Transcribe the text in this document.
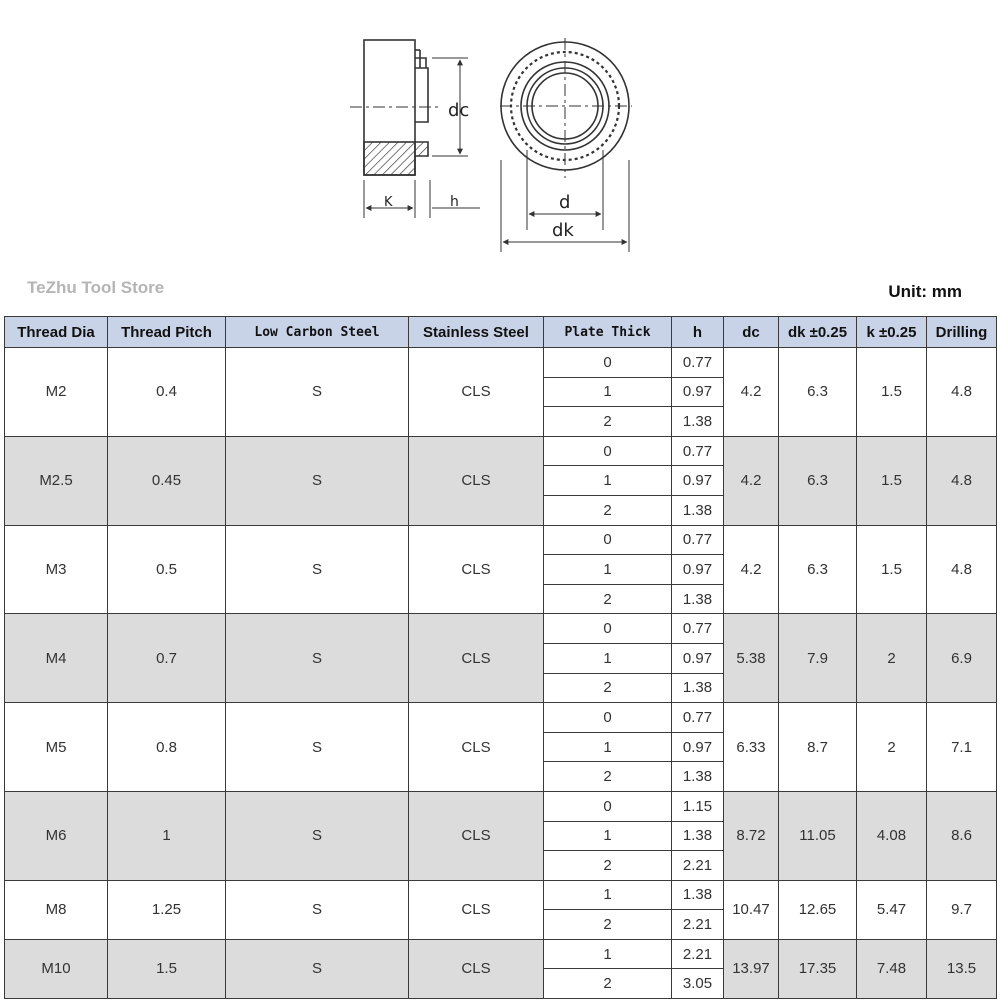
dc
K	h	d
dk
TeZhu Tool Store	Unit: mm
Thread Dia	Thread Pitch	Low Carbon Steel	Stainless Steel	Plate Thick	h	dc	dk ±0.25	k ±0.25	Drilling
M2	0.4	S	CLS	0	0.77	4.2	6.3	1.5	4.8
				1	0.97				
				2	1.38				
M2.5	0.45	S	CLS	0	0.77	4.2	6.3	1.5	4.8
				1	0.97				
				2	1.38				
M3	0.5	S	CLS	0	0.77	4.2	6.3	1.5	4.8
				1	0.97				
				2	1.38				
M4	0.7	S	CLS	0	0.77	5.38	7.9	2	6.9
				1	0.97				
				2	1.38				
M5	0.8	S	CLS	0	0.77	6.33	8.7	2	7.1
				1	0.97				
				2	1.38				
M6	1	S	CLS	0	1.15	8.72	11.05	4.08	8.6
				1	1.38				
				2	2.21				
M8	1.25	S	CLS	1	1.38	10.47	12.65	5.47	9.7
				2	2.21				
M10	1.5	S	CLS	1	2.21	13.97	17.35	7.48	13.5
				2	3.05				
